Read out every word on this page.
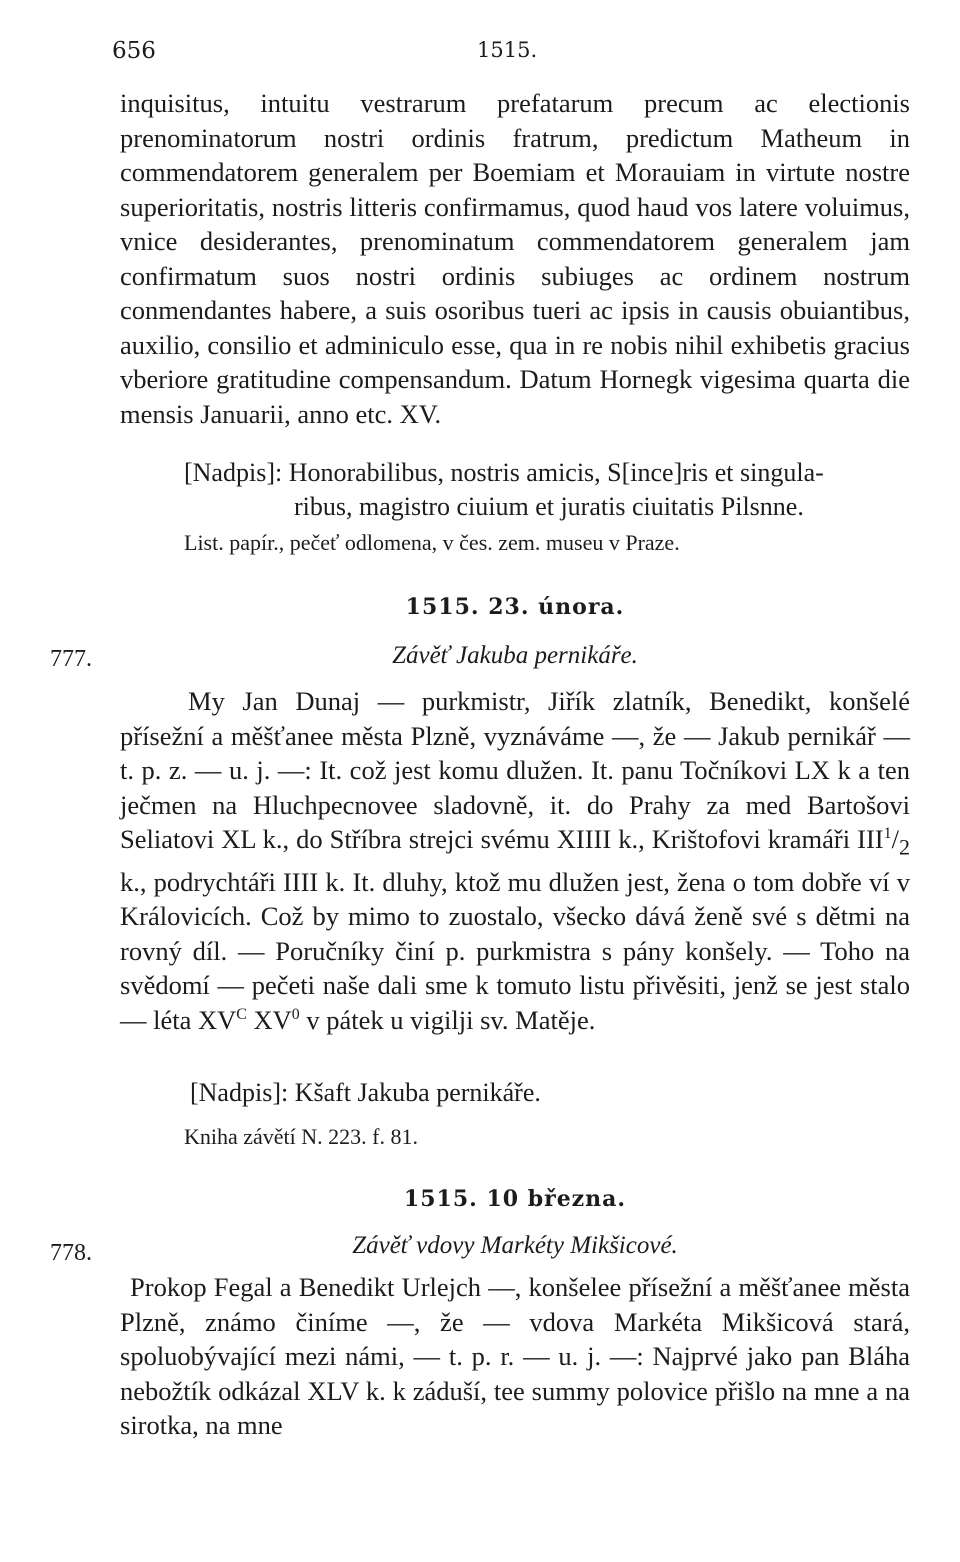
656	1515.

inquisitus, intuitu vestrarum prefatarum precum ac electionis prenominatorum nostri ordinis fratrum, predictum Matheum in commendatorem generalem per Boemiam et Morauiam in virtute nostre superioritatis, nostris litteris confirmamus, quod haud vos latere voluimus, vnice desiderantes, prenominatum commendatorem generalem jam confirmatum suos nostri ordinis subiuges ac ordinem nostrum conmendantes habere, a suis osoribus tueri ac ipsis in causis obuiantibus, auxilio, consilio et adminiculo esse, qua in re nobis nihil exhibetis gracius vberiore gratitudine compensandum. Datum Hornegk vigesima quarta die mensis Januarii, anno etc. XV.

[Nadpis]: Honorabilibus, nostris amicis, S[ince]ris et singula-
ribus, magistro ciuium et juratis ciuitatis Pilsnne.

List. papír., pečeť odlomena, v čes. zem. museu v Praze.

1515. 23. února.

777.	Závěť Jakuba pernikáře.

My Jan Dunaj — purkmistr, Jiřík zlatník, Benedikt, konšelé přísežní a měšťanee města Plzně, vyznáváme —, že — Jakub pernikář — t. p. z. — u. j. —: It. což jest komu dlužen. It. panu Točníkovi LX k a ten ječmen na Hluchpecnovee sladovně, it. do Prahy za med Bartošovi Seliatovi XL k., do Stříbra strejci svému XIIII k., Krištofovi kramáři $III^1/_2$ k., podrychtáři IIII k. It. dluhy, ktož mu dlužen jest, žena o tom dobře ví v Královicích. Což by mimo to zuostalo, všecko dává ženě své s dětmi na rovný díl. — Poručníky činí p. purkmistra s pány konšely. — Toho na svědomí — pečeti naše dali sme k tomuto listu přivěsiti, jenž se jest stalo — léta $XV^C$ $XV^0$ v pátek u vigilji sv. Matěje.

[Nadpis]: Kšaft Jakuba pernikáře.

Kniha závětí N. 223. f. 81.

1515. 10 března.

778.	Závěť vdovy Markéty Mikšicové.

Prokop Fegal a Benedikt Urlejch —, konšelee přísežní a měšťanee města Plzně, známo činíme —, že — vdova Markéta Mikšicová stará, spoluobývající mezi námi, — t. p. r. — u. j. —: Najprvé jako pan Bláha nebožtík odkázal XLV k. k záduší, tee summy polovice přišlo na mne a na sirotka, na mne
